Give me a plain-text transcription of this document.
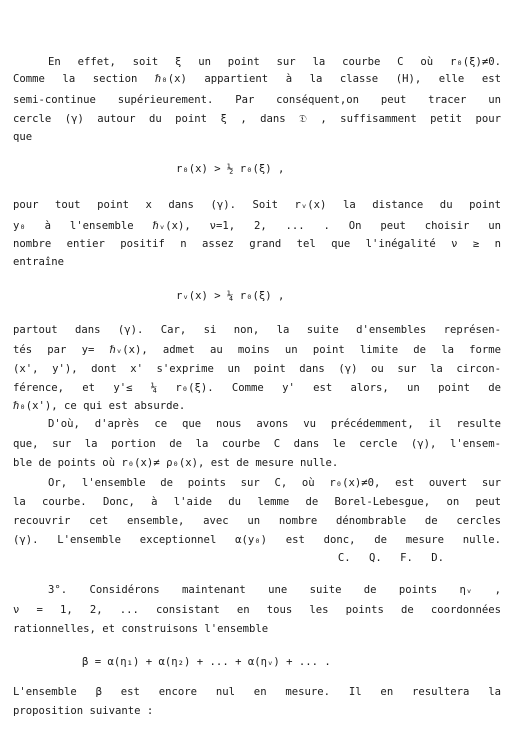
En effet, soit ξ un point sur la courbe C où r₀(ξ)≠0.
Comme la section ℏ₀(x) appartient à la classe (H), elle est
semi-continue supérieurement. Par conséquent,on peut tracer un
cercle (γ) autour du point ξ , dans 𝔇 , suffisamment petit pour
que
r₀(x) > ½ r₀(ξ) ,
pour tout point x dans (γ). Soit rᵥ(x) la distance du point
y₀ à l'ensemble ℏᵥ(x), ν=1, 2, ... . On peut choisir un
nombre entier positif n assez grand tel que l'inégalité ν ≥ n
entraîne
rᵥ(x) > ¼ r₀(ξ) ,
partout dans (γ). Car, si non, la suite d'ensembles représen-
tés par y= ℏᵥ(x), admet au moins un point limite de la forme
(x', y'), dont x' s'exprime un point dans (γ) ou sur la circon-
férence, et y'≤ ¼ r₀(ξ). Comme y' est alors, un point de
ℏ₀(x'), ce qui est absurde.
D'où, d'après ce que nous avons vu précédemment, il resulte
que, sur la portion de la courbe C dans le cercle (γ), l'ensem-
ble de points où r₀(x)≠ ρ₀(x), est de mesure nulle.
Or, l'ensemble de points sur C, où r₀(x)≠0, est ouvert sur
la courbe. Donc, à l'aide du lemme de Borel-Lebesgue, on peut
recouvrir cet ensemble, avec un nombre dénombrable de cercles
(γ). L'ensemble exceptionnel α(y₀) est donc, de mesure nulle.
C. Q. F. D.
3°. Considérons maintenant une suite de points ηᵥ ,
ν = 1, 2, ... consistant en tous les points de coordonnées
rationnelles, et construisons l'ensemble
β = α(η₁) + α(η₂) + ... + α(ηᵥ) + ... .
L'ensemble β est encore nul en mesure. Il en resultera la
proposition suivante :
